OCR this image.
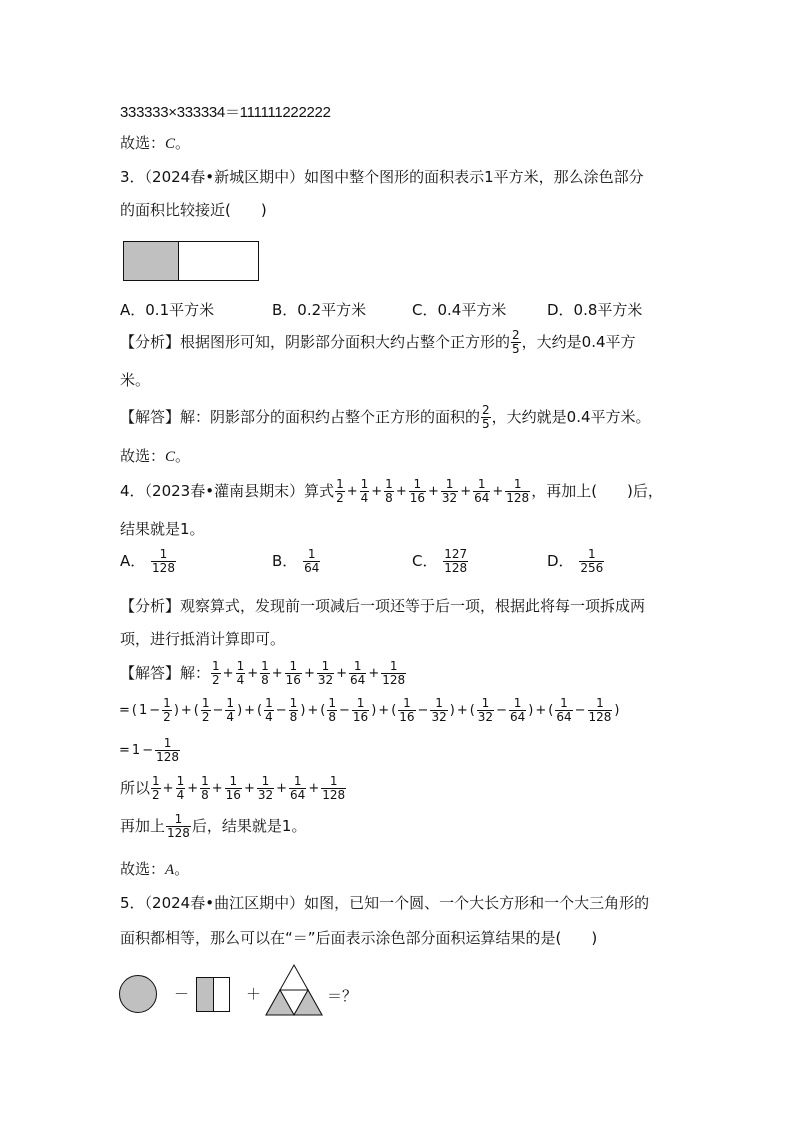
333333×333334＝111111222222
故选：C。
3．（2024春•新城区期中）如图中整个图形的面积表示1平方米，那么涂色部分
的面积比较接近(　　)
A．0.1平方米	B．0.2平方米	C．0.4平方米	D．0.8平方米
【分析】根据图形可知，阴影部分面积大约占整个正方形的 $\frac{2}{5}$ ，大约是0.4平方
米。
【解答】解：阴影部分的面积约占整个正方形的面积的 $\frac{2}{5}$ ，大约就是0.4平方米。
故选：C。
4．（2023春•灌南县期末）算式 $\frac{1}{2} + \frac{1}{4} + \frac{1}{8} + \frac{1}{16} + \frac{1}{32} + \frac{1}{64} + \frac{1}{128}$ ，再加上(　　)后，
结果就是1。
A． $\frac{1}{128}$	B． $\frac{1}{64}$	C． $\frac{127}{128}$	D． $\frac{1}{256}$
【分析】观察算式，发现前一项减后一项还等于后一项，根据此将每一项拆成两
项，进行抵消计算即可。
【解答】解： $\frac{1}{2} + \frac{1}{4} + \frac{1}{8} + \frac{1}{16} + \frac{1}{32} + \frac{1}{64} + \frac{1}{128}$
= ( $1 - \frac{1}{2}$ ) + ( $\frac{1}{2} - \frac{1}{4}$ ) + ( $\frac{1}{4} - \frac{1}{8}$ ) + ( $\frac{1}{8} - \frac{1}{16}$ ) + ( $\frac{1}{16} - \frac{1}{32}$ ) + ( $\frac{1}{32} - \frac{1}{64}$ ) + ( $\frac{1}{64} - \frac{1}{128}$ )
= $1 - \frac{1}{128}$
所以 $\frac{1}{2} + \frac{1}{4} + \frac{1}{8} + \frac{1}{16} + \frac{1}{32} + \frac{1}{64} + \frac{1}{128}$
再加上 $\frac{1}{128}$ 后，结果就是1。
故选：A。
5．（2024春•曲江区期中）如图，已知一个圆、一个大长方形和一个大三角形的
面积都相等，那么可以在“＝”后面表示涂色部分面积运算结果的是(　　)
－	＋	＝？
